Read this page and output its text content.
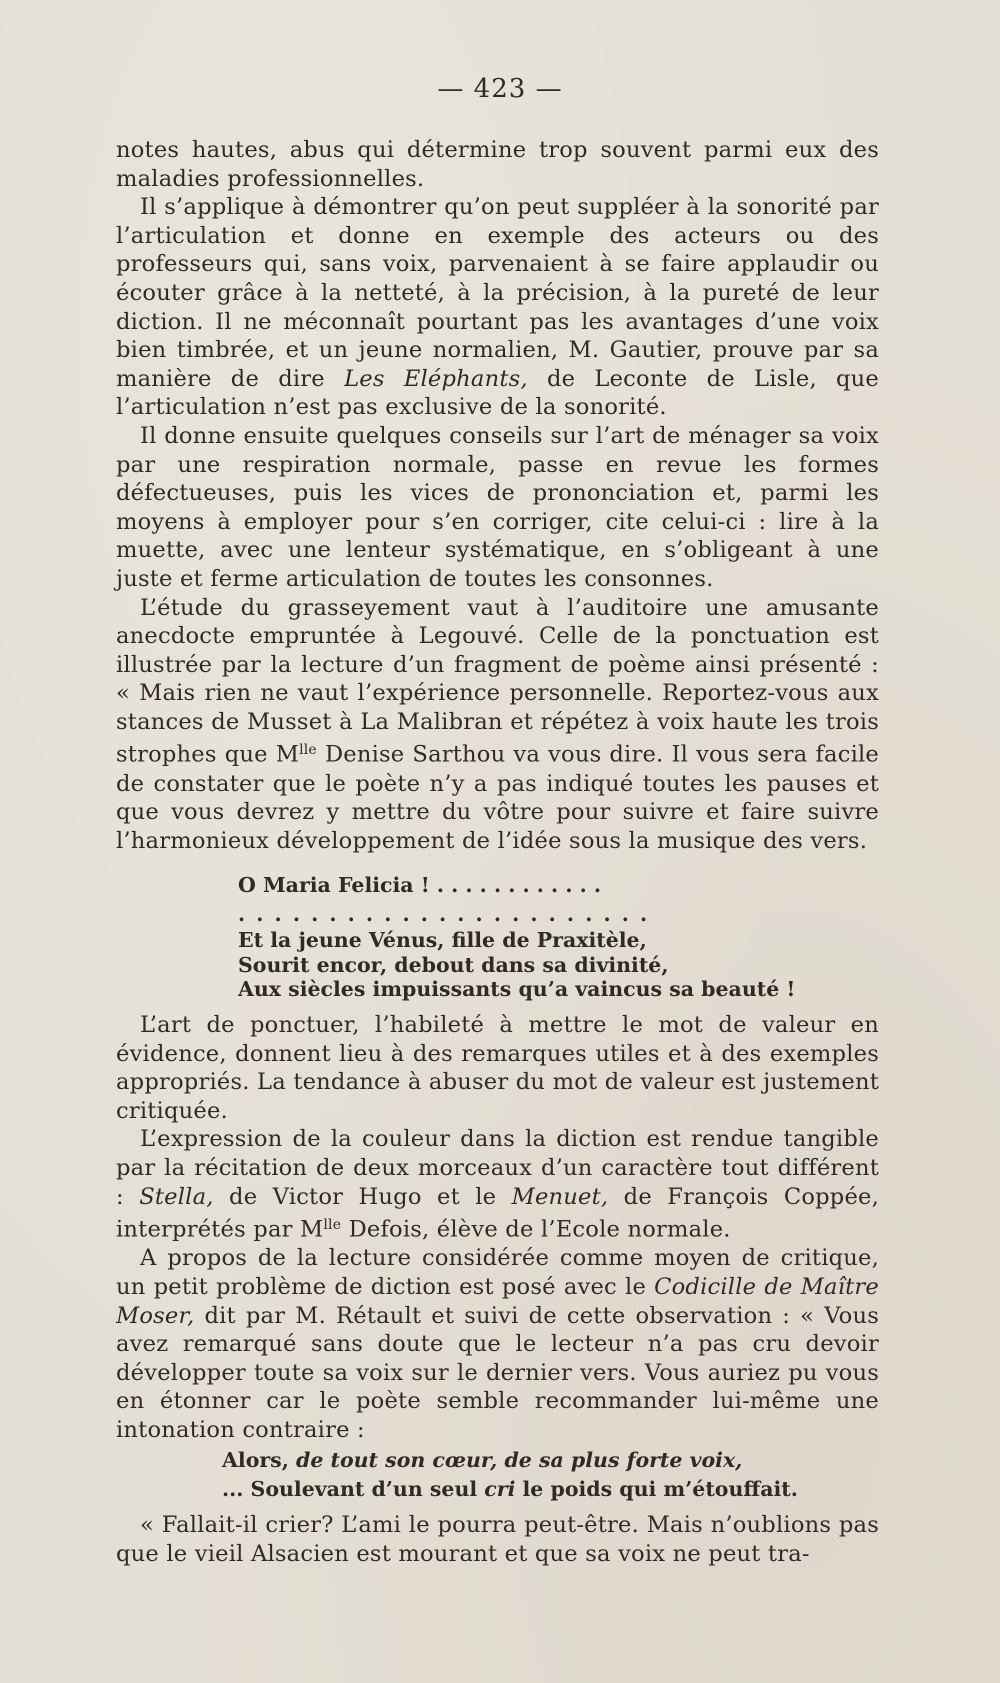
— 423 —

notes hautes, abus qui détermine trop souvent parmi eux des maladies professionnelles.

Il s’applique à démontrer qu’on peut suppléer à la sonorité par l’articulation et donne en exemple des acteurs ou des professeurs qui, sans voix, parvenaient à se faire applaudir ou écouter grâce à la netteté, à la précision, à la pureté de leur diction. Il ne méconnaît pourtant pas les avantages d’une voix bien timbrée, et un jeune normalien, M. Gautier, prouve par sa manière de dire Les Eléphants, de Leconte de Lisle, que l’articulation n’est pas exclusive de la sonorité.

Il donne ensuite quelques conseils sur l’art de ménager sa voix par une respiration normale, passe en revue les formes défectueuses, puis les vices de prononciation et, parmi les moyens à employer pour s’en corriger, cite celui-ci : lire à la muette, avec une lenteur systématique, en s’obligeant à une juste et ferme articulation de toutes les consonnes.

L’étude du grasseyement vaut à l’auditoire une amusante anecdocte empruntée à Legouvé. Celle de la ponctuation est illustrée par la lecture d’un fragment de poème ainsi présenté : « Mais rien ne vaut l’expérience personnelle. Reportez-vous aux stances de Musset à La Malibran et répétez à voix haute les trois strophes que $M^{lle}$ Denise Sarthou va vous dire. Il vous sera facile de constater que le poète n’y a pas indiqué toutes les pauses et que vous devrez y mettre du vôtre pour suivre et faire suivre l’harmonieux développement de l’idée sous la musique des vers.

O Maria Felicia ! . . . . . . . . . . . .
. . . . . . . . . . . . . . . . . . . . . . .
Et la jeune Vénus, fille de Praxitèle,
Sourit encor, debout dans sa divinité,
Aux siècles impuissants qu’a vaincus sa beauté !

L’art de ponctuer, l’habileté à mettre le mot de valeur en évidence, donnent lieu à des remarques utiles et à des exemples appropriés. La tendance à abuser du mot de valeur est justement critiquée.

L’expression de la couleur dans la diction est rendue tangible par la récitation de deux morceaux d’un caractère tout différent : Stella, de Victor Hugo et le Menuet, de François Coppée, interprétés par $M^{lle}$ Defois, élève de l’Ecole normale.

A propos de la lecture considérée comme moyen de critique, un petit problème de diction est posé avec le Codicille de Maître Moser, dit par M. Rétault et suivi de cette observation : « Vous avez remarqué sans doute que le lecteur n’a pas cru devoir développer toute sa voix sur le dernier vers. Vous auriez pu vous en étonner car le poète semble recommander lui-même une intonation contraire :

Alors, de tout son cœur, de sa plus forte voix,
... Soulevant d’un seul cri le poids qui m’étouffait.

« Fallait-il crier? L’ami le pourra peut-être. Mais n’oublions pas que le vieil Alsacien est mourant et que sa voix ne peut tra-
